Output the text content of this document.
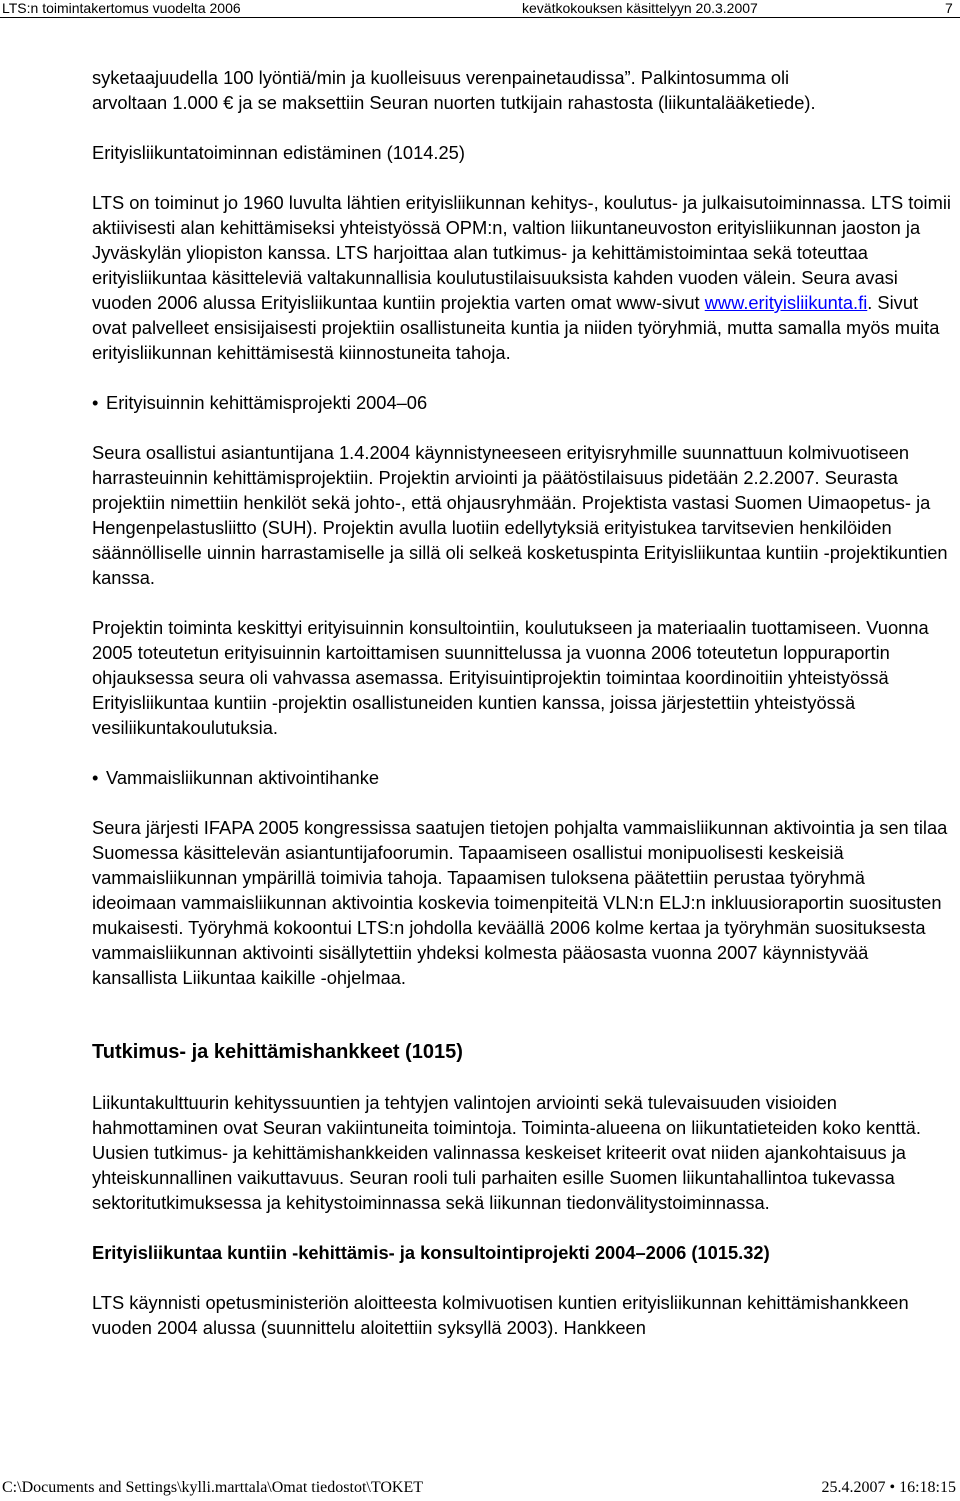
LTS:n toimintakertomus vuodelta 2006	kevätkokouksen käsittelyyn 20.3.2007	7

syketaajuudella 100 lyöntiä/min ja kuolleisuus verenpainetaudissa”. Palkintosumma oli
arvoltaan 1.000 € ja se maksettiin Seuran nuorten tutkijain rahastosta (liikuntalääketiede).

Erityisliikuntatoiminnan edistäminen (1014.25)

LTS on toiminut jo 1960 luvulta lähtien erityisliikunnan kehitys-, koulutus- ja julkaisutoiminnassa. LTS toimii aktiivisesti alan kehittämiseksi yhteistyössä OPM:n, valtion liikuntaneuvoston erityisliikunnan jaoston ja Jyväskylän yliopiston kanssa. LTS harjoittaa alan tutkimus- ja kehittämistoimintaa sekä toteuttaa erityisliikuntaa käsitteleviä valtakunnallisia koulutustilaisuuksista kahden vuoden välein. Seura avasi vuoden 2006 alussa Erityisliikuntaa kuntiin projektia varten omat www-sivut www.erityisliikunta.fi. Sivut ovat palvelleet ensisijaisesti projektiin osallistuneita kuntia ja niiden työryhmiä, mutta samalla myös muita erityisliikunnan kehittämisestä kiinnostuneita tahoja.

• Erityisuinnin kehittämisprojekti 2004–06

Seura osallistui asiantuntijana 1.4.2004 käynnistyneeseen erityisryhmille suunnattuun kolmivuotiseen harrasteuinnin kehittämisprojektiin. Projektin arviointi ja päätöstilaisuus pidetään 2.2.2007. Seurasta projektiin nimettiin henkilöt sekä johto-, että ohjausryhmään. Projektista vastasi Suomen Uimaopetus- ja Hengenpelastusliitto (SUH). Projektin avulla luotiin edellytyksiä erityistukea tarvitsevien henkilöiden säännölliselle uinnin harrastamiselle ja sillä oli selkeä kosketuspinta Erityisliikuntaa kuntiin -projektikuntien kanssa.

Projektin toiminta keskittyi erityisuinnin konsultointiin, koulutukseen ja materiaalin tuottamiseen. Vuonna 2005 toteutetun erityisuinnin kartoittamisen suunnittelussa ja vuonna 2006 toteutetun loppuraportin ohjauksessa seura oli vahvassa asemassa. Erityisuintiprojektin toimintaa koordinoitiin yhteistyössä Erityisliikuntaa kuntiin -projektin osallistuneiden kuntien kanssa, joissa järjestettiin yhteistyössä vesiliikuntakoulutuksia.

• Vammaisliikunnan aktivointihanke

Seura järjesti IFAPA 2005 kongressissa saatujen tietojen pohjalta vammaisliikunnan aktivointia ja sen tilaa Suomessa käsittelevän asiantuntijafoorumin. Tapaamiseen osallistui monipuolisesti keskeisiä vammaisliikunnan ympärillä toimivia tahoja. Tapaamisen tuloksena päätettiin perustaa työryhmä ideoimaan vammaisliikunnan aktivointia koskevia toimenpiteitä VLN:n ELJ:n inkluusioraportin suositusten mukaisesti. Työryhmä kokoontui LTS:n johdolla keväällä 2006 kolme kertaa ja työryhmän suosituksesta vammaisliikunnan aktivointi sisällytettiin yhdeksi kolmesta pääosasta vuonna 2007 käynnistyvää kansallista Liikuntaa kaikille -ohjelmaa.

Tutkimus- ja kehittämishankkeet (1015)

Liikuntakulttuurin kehityssuuntien ja tehtyjen valintojen arviointi sekä tulevaisuuden visioiden hahmottaminen ovat Seuran vakiintuneita toimintoja. Toiminta-alueena on liikuntatieteiden koko kenttä. Uusien tutkimus- ja kehittämishankkeiden valinnassa keskeiset kriteerit ovat niiden ajankohtaisuus ja yhteiskunnallinen vaikuttavuus. Seuran rooli tuli parhaiten esille Suomen liikuntahallintoa tukevassa sektoritutkimuksessa ja kehitystoiminnassa sekä liikunnan tiedonvälitystoiminnassa.

Erityisliikuntaa kuntiin -kehittämis- ja konsultointiprojekti 2004–2006 (1015.32)

LTS käynnisti opetusministeriön aloitteesta kolmivuotisen kuntien erityisliikunnan kehittämishankkeen vuoden 2004 alussa (suunnittelu aloitettiin syksyllä 2003). Hankkeen

C:\Documents and Settings\kylli.marttala\Omat tiedostot\TOKET	25.4.2007 • 16:18:15
